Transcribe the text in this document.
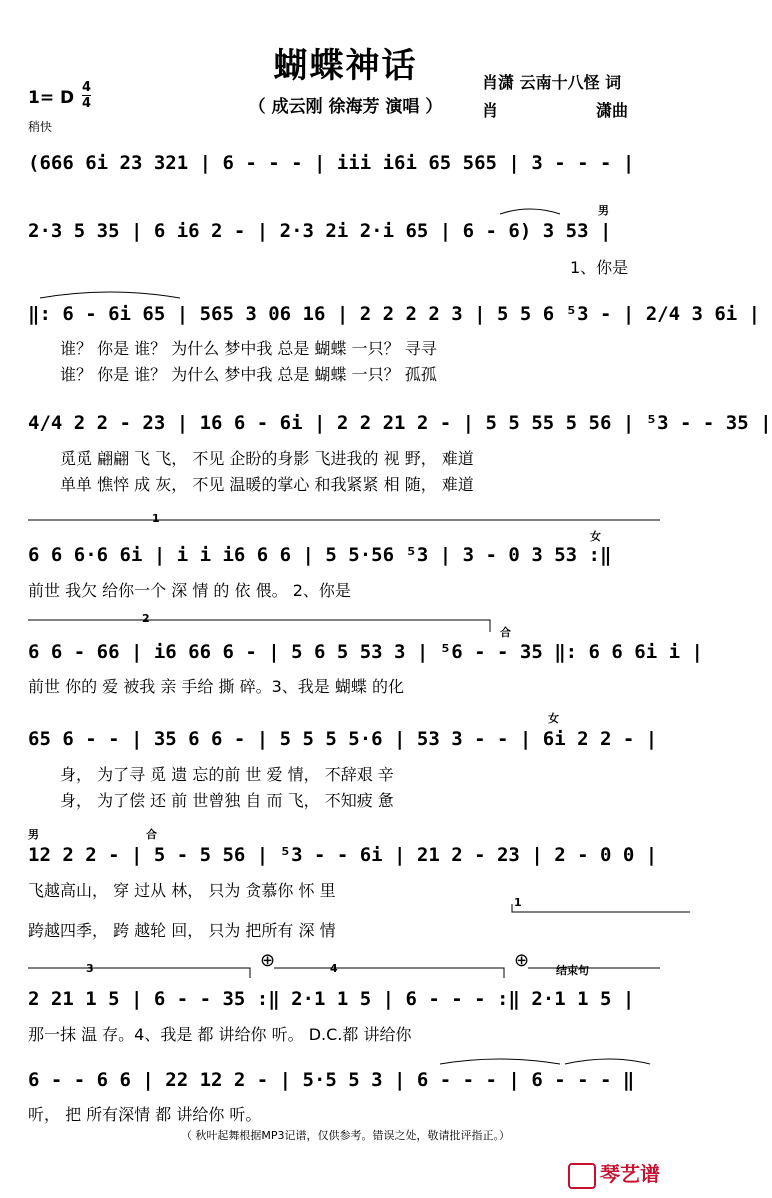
蝴蝶神话
（ 成云刚 徐海芳 演唱 ）
肖潇 云南十八怪 词
肖	潇曲
1= D $\frac{4}{4}$
稍快
(666 6i 23 321 | 6 - - - | iii i6i 65 565 | 3 - - - |
男
2·3 5 35 | 6 i6 2 - | 2·3 2i 2·i 65 | 6 - 6) 3 53 |
1、你是
‖: 6 - 6i 65 | 565 3 06 16 | 2 2 2 2 3 | 5 5 6 ⁵3 - | 2/4 3 6i |
谁？ 你是 谁？ 为什么 梦中我 总是 蝴蝶 一只？ 寻寻
谁？ 你是 谁？ 为什么 梦中我 总是 蝴蝶 一只？ 孤孤
4/4 2 2 - 23 | 16 6 - 6i | 2 2 21 2 - | 5 5 55 5 56 | ⁵3 - - 35 |
觅觅 翩翩 飞 飞， 不见 企盼的身影 飞进我的 视 野， 难道
单单 憔悴 成 灰， 不见 温暖的掌心 和我紧紧 相 随， 难道
1
女
6 6 6·6 6i | i i i6 6 6 | 5 5·56 ⁵3 | 3 - 0 3 53 :‖
前世 我欠 给你一个 深 情 的 依 偎。 2、你是
2
合
6 6 - 66 | i6 66 6 - | 5 6 5 53 3 | ⁵6 - - 35 ‖: 6 6 6i i |
前世 你的 爱 被我 亲 手给 撕 碎。3、我是 蝴蝶 的化
女
65 6 - - | 35 6 6 - | 5 5 5 5·6 | 53 3 - - | 6i 2 2 - |
身， 为了寻 觅 遗 忘的前 世 爱 情， 不辞艰 辛
身， 为了偿 还 前 世曾独 自 而 飞， 不知疲 惫
男	合
1
12 2 2 - | 5 - 5 56 | ⁵3 - - 6i | 21 2 - 23 | 2 - 0 0 |
飞越高山， 穿 过从 林， 只为 贪慕你 怀 里
跨越四季， 跨 越轮 回， 只为 把所有 深 情
3	4	结束句
⊕	⊕
2 21 1 5 | 6 - - 35 :‖ 2·1 1 5 | 6 - - - :‖ 2·1 1 5 |
那一抹 温 存。4、我是 都 讲给你 听。 D.C.都 讲给你
6 - - 6 6 | 22 12 2 - | 5·5 5 3 | 6 - - - | 6 - - - ‖
听， 把 所有深情 都 讲给你 听。
（ 秋叶起舞根据MP3记谱，仅供参考。错误之处，敬请批评指正。）
琴艺谱
